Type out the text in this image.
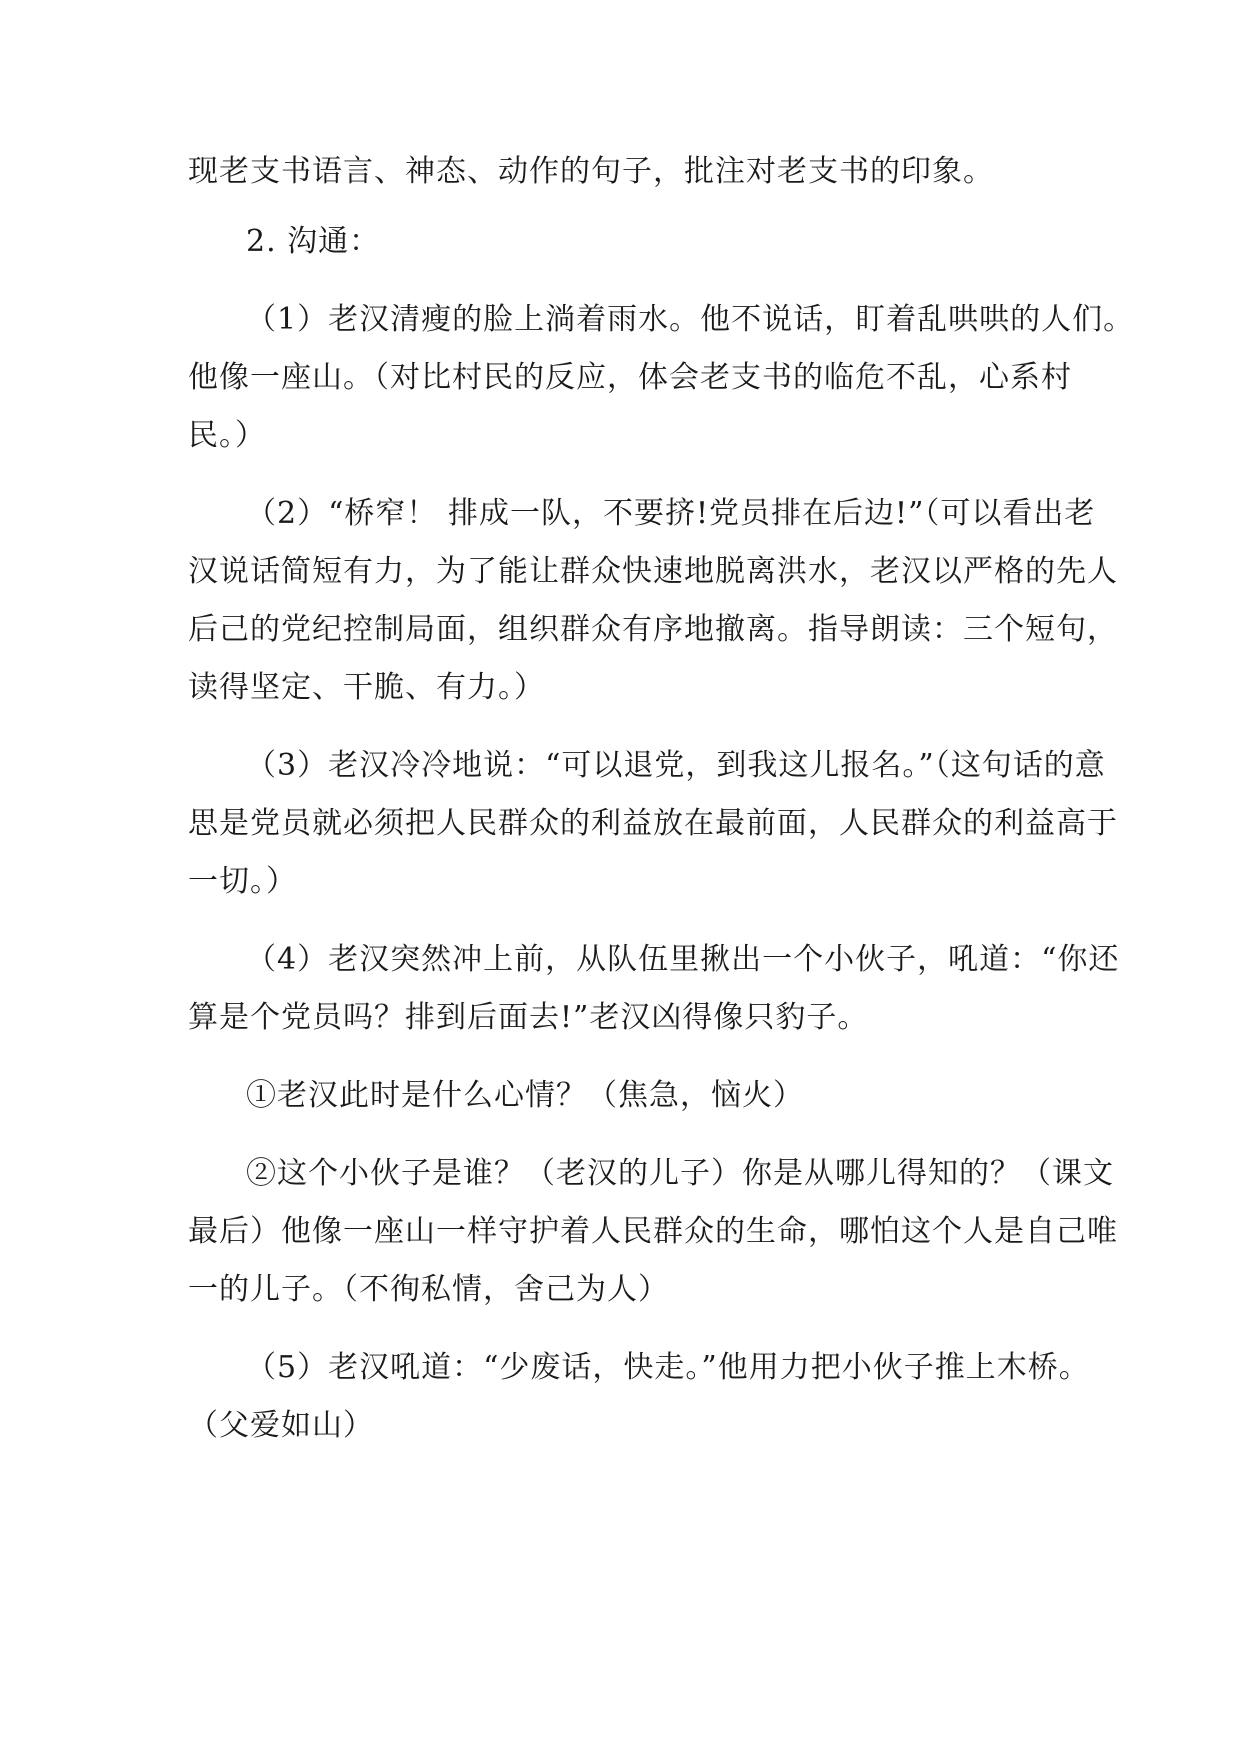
现老支书语言、神态、动作的句子，批注对老支书的印象。
2. 沟通：
（1）老汉清瘦的脸上淌着雨水。他不说话，盯着乱哄哄的人们。
他像一座山。（对比村民的反应，体会老支书的临危不乱，心系村
民。）
（2）“桥窄！ 排成一队，不要挤!党员排在后边!”（可以看出老
汉说话简短有力，为了能让群众快速地脱离洪水，老汉以严格的先人
后己的党纪控制局面，组织群众有序地撤离。指导朗读：三个短句，
读得坚定、干脆、有力。）
（3）老汉冷冷地说：“可以退党，到我这儿报名。”（这句话的意
思是党员就必须把人民群众的利益放在最前面，人民群众的利益高于
一切。）
（4）老汉突然冲上前，从队伍里揪出一个小伙子，吼道：“你还
算是个党员吗？排到后面去!”老汉凶得像只豹子。
①老汉此时是什么心情？（焦急，恼火）
②这个小伙子是谁？（老汉的儿子）你是从哪儿得知的？（课文
最后）他像一座山一样守护着人民群众的生命，哪怕这个人是自己唯
一的儿子。（不徇私情，舍己为人）
（5）老汉吼道：“少废话，快走。”他用力把小伙子推上木桥。
（父爱如山）
